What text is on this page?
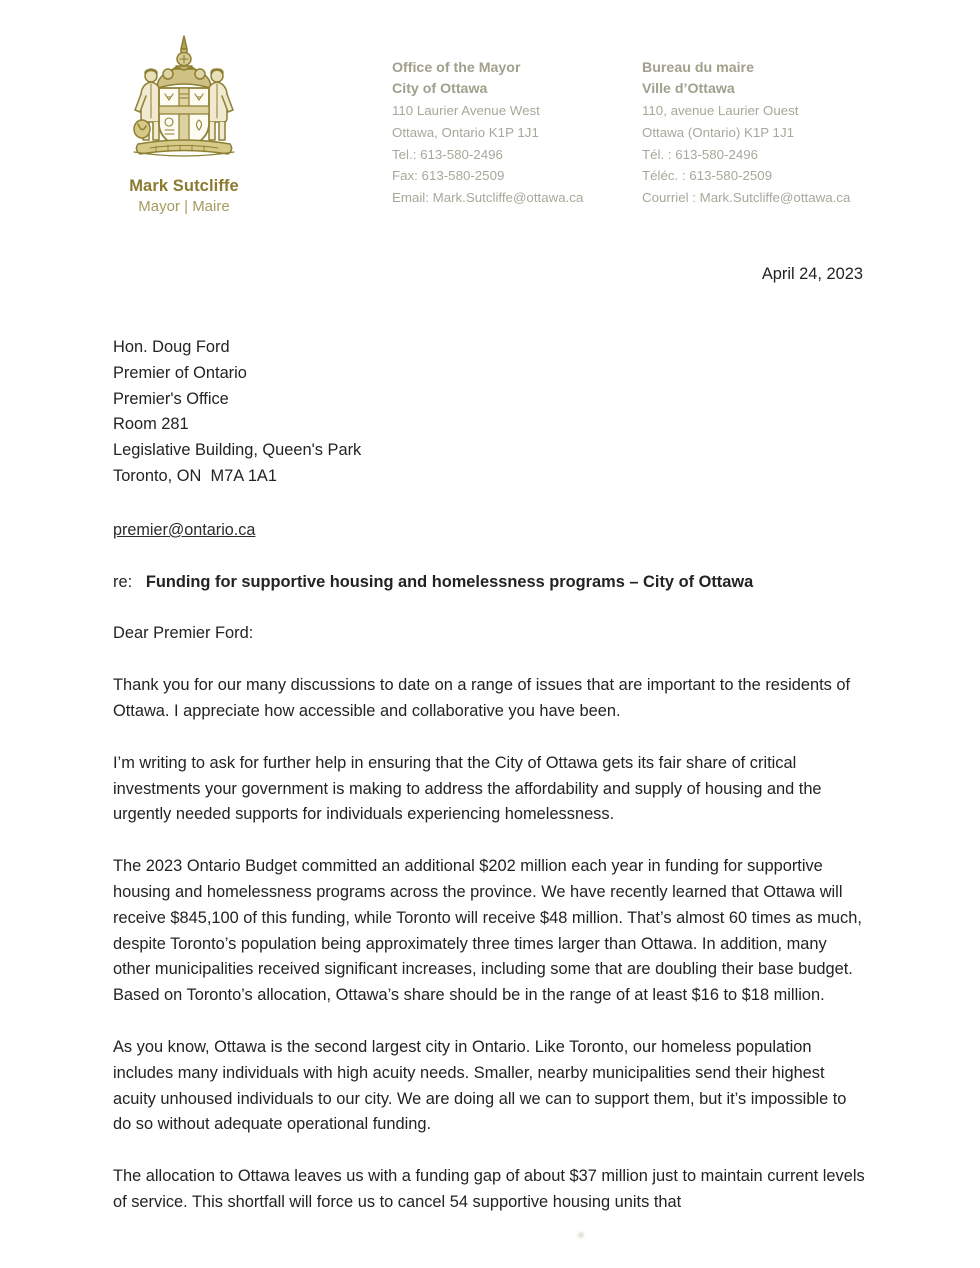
Mark Sutcliffe
Mayor | Maire
Office of the Mayor
City of Ottawa
110 Laurier Avenue West
Ottawa, Ontario K1P 1J1
Tel.: 613-580-2496
Fax: 613-580-2509
Email: Mark.Sutcliffe@ottawa.ca
Bureau du maire
Ville d’Ottawa
110, avenue Laurier Ouest
Ottawa (Ontario) K1P 1J1
Tél. : 613-580-2496
Téléc. : 613-580-2509
Courriel : Mark.Sutcliffe@ottawa.ca
April 24, 2023
Hon. Doug Ford
Premier of Ontario
Premier's Office
Room 281
Legislative Building, Queen's Park
Toronto, ON  M7A 1A1
premier@ontario.ca
re: Funding for supportive housing and homelessness programs – City of Ottawa
Dear Premier Ford:

Thank you for our many discussions to date on a range of issues that are important to the residents of Ottawa. I appreciate how accessible and collaborative you have been.

I’m writing to ask for further help in ensuring that the City of Ottawa gets its fair share of critical investments your government is making to address the affordability and supply of housing and the urgently needed supports for individuals experiencing homelessness.

The 2023 Ontario Budget committed an additional $202 million each year in funding for supportive housing and homelessness programs across the province. We have recently learned that Ottawa will receive $845,100 of this funding, while Toronto will receive $48 million. That’s almost 60 times as much, despite Toronto’s population being approximately three times larger than Ottawa. In addition, many other municipalities received significant increases, including some that are doubling their base budget. Based on Toronto’s allocation, Ottawa’s share should be in the range of at least $16 to $18 million.

As you know, Ottawa is the second largest city in Ontario. Like Toronto, our homeless population includes many individuals with high acuity needs. Smaller, nearby municipalities send their highest acuity unhoused individuals to our city. We are doing all we can to support them, but it’s impossible to do so without adequate operational funding.

The allocation to Ottawa leaves us with a funding gap of about $37 million just to maintain current levels of service. This shortfall will force us to cancel 54 supportive housing units that
